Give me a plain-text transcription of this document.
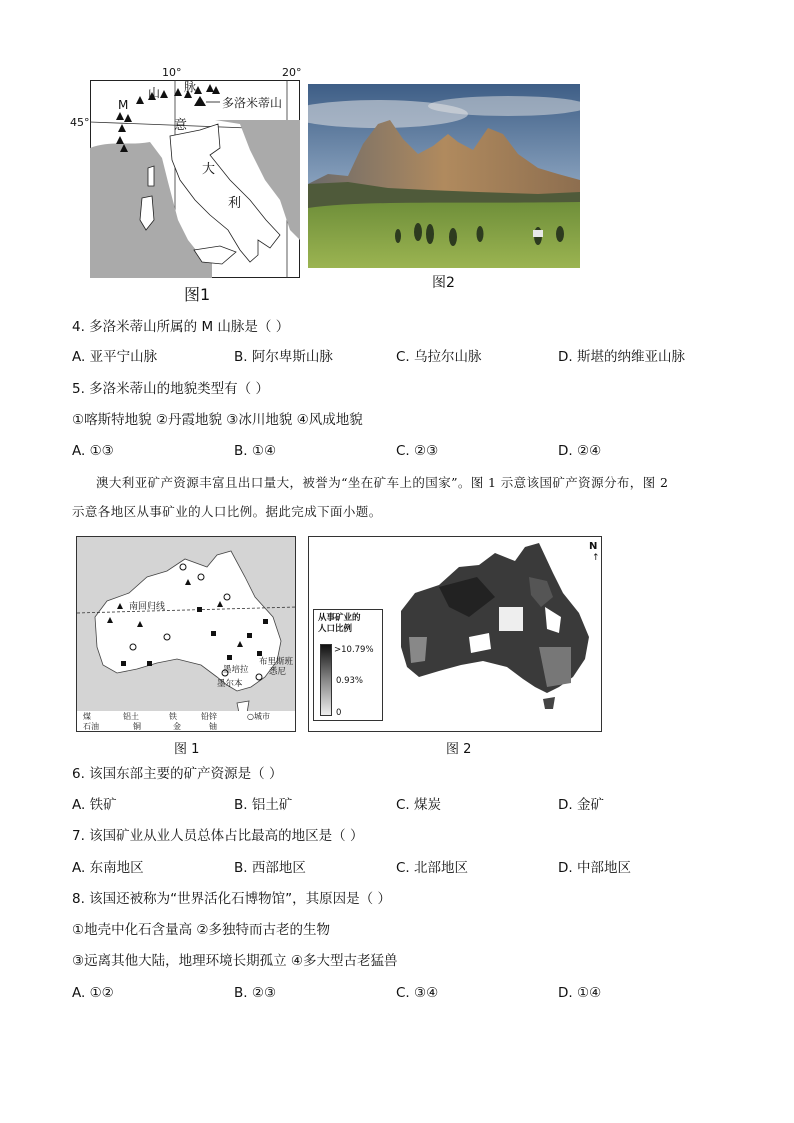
10°	20°
45°
M
山 脉
多洛米蒂山
意
大
利
图1
图2
4. 多洛米蒂山所属的 M 山脉是（ ）
A. 亚平宁山脉	B. 阿尔卑斯山脉	C. 乌拉尔山脉	D. 斯堪的纳维亚山脉
5. 多洛米蒂山的地貌类型有（ ）
①喀斯特地貌 ②丹霞地貌 ③冰川地貌 ④风成地貌
A. ①③	B. ①④	C. ②③	D. ②④
澳大利亚矿产资源丰富且出口量大，被誉为“坐在矿车上的国家”。图 1 示意该国矿产资源分布，图 2
示意各地区从事矿业的人口比例。据此完成下面小题。
南回归线
墨培拉
布里斯班
悉尼
墨尔本
煤	铝土	铁	铅锌	○城市
石油	铜	金	铀
图 1
N
↑
从事矿业的
人口比例
>10.79%
0.93%
0
图 2
6. 该国东部主要的矿产资源是（ ）
A. 铁矿	B. 铝土矿	C. 煤炭	D. 金矿
7. 该国矿业从业人员总体占比最高的地区是（ ）
A. 东南地区	B. 西部地区	C. 北部地区	D. 中部地区
8. 该国还被称为“世界活化石博物馆”，其原因是（ ）
①地壳中化石含量高 ②多独特而古老的生物
③远离其他大陆，地理环境长期孤立 ④多大型古老猛兽
A. ①②	B. ②③	C. ③④	D. ①④
